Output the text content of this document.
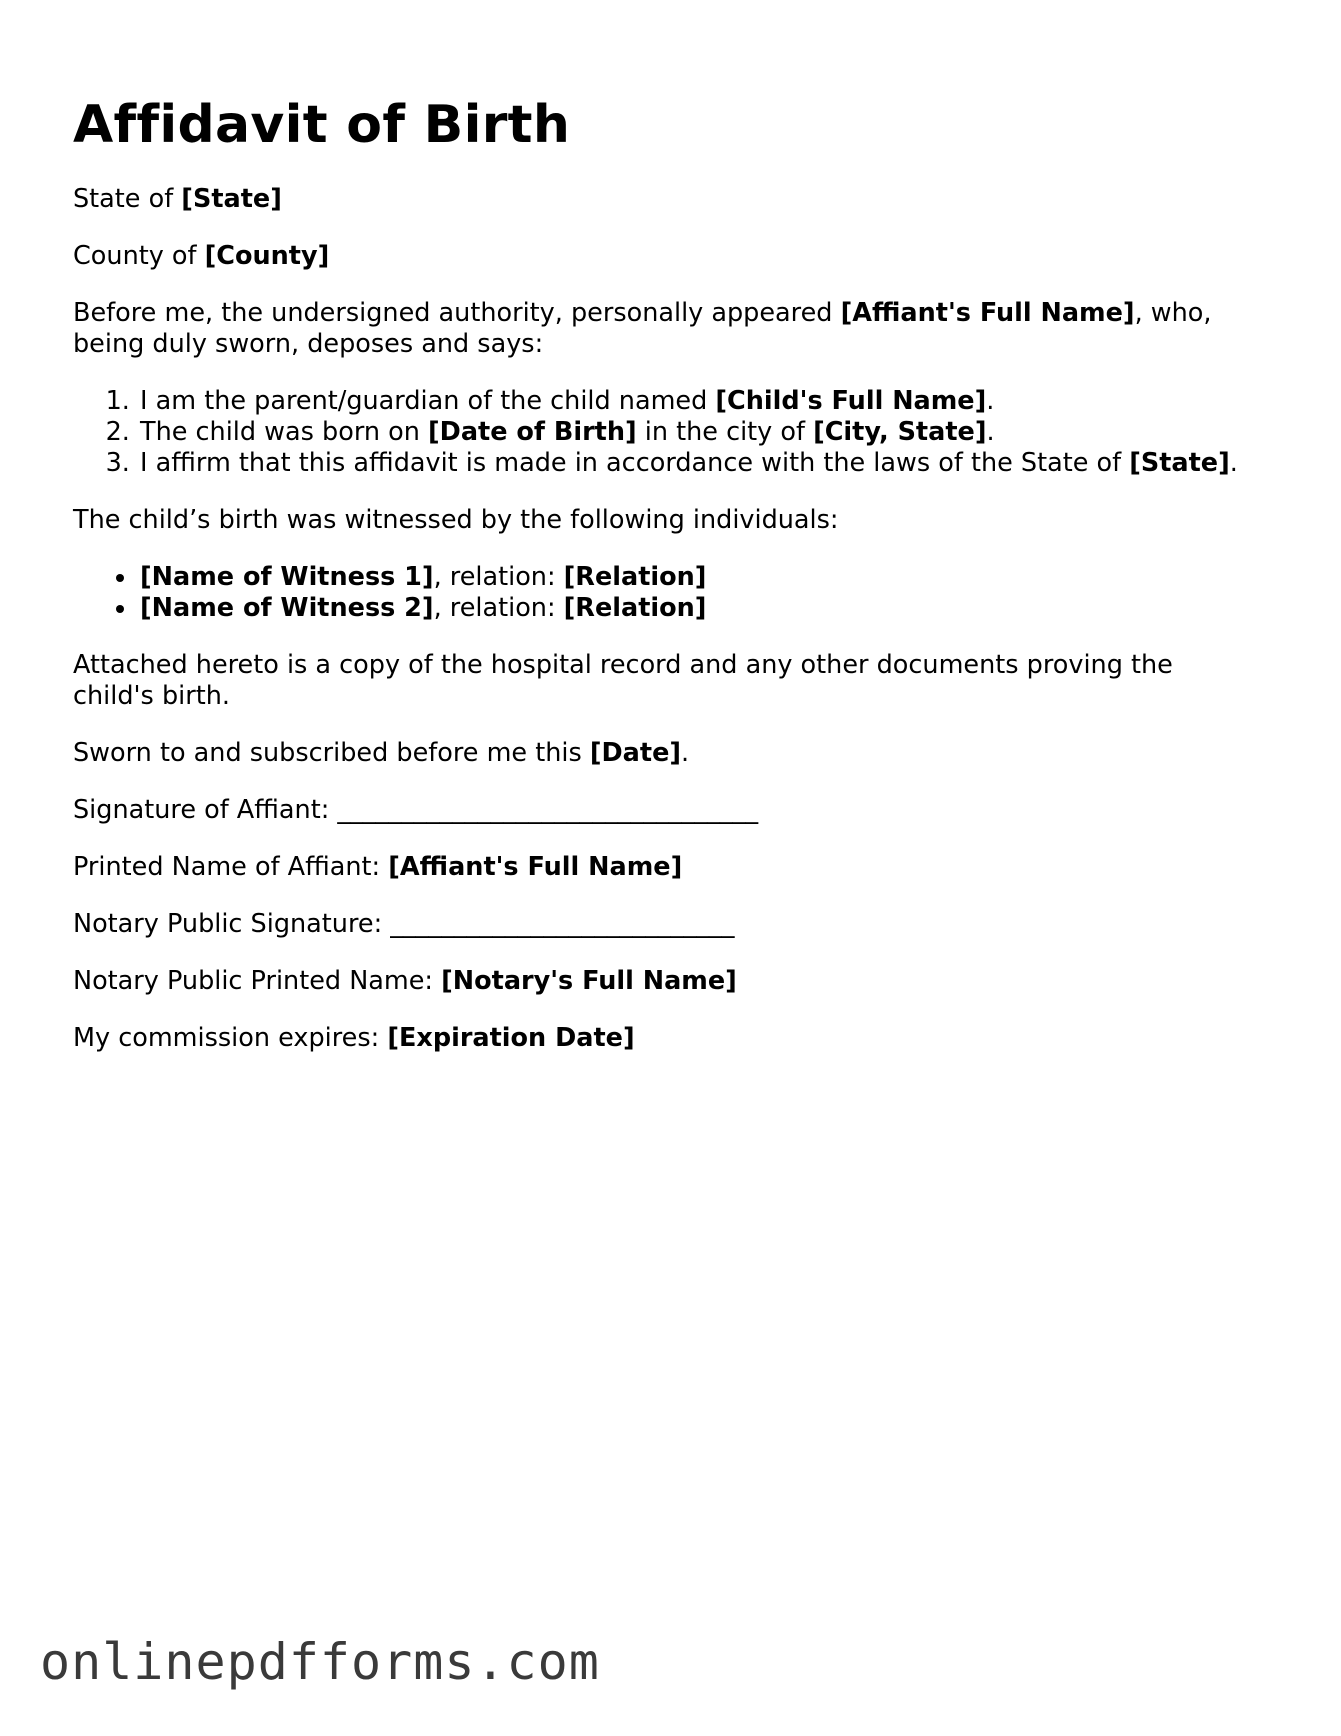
Affidavit of Birth

State of [State]

County of [County]

Before me, the undersigned authority, personally appeared [Affiant's Full Name], who, being duly sworn, deposes and says:

1. I am the parent/guardian of the child named [Child's Full Name].
2. The child was born on [Date of Birth] in the city of [City, State].
3. I affirm that this affidavit is made in accordance with the laws of the State of [State].

The child’s birth was witnessed by the following individuals:

• [Name of Witness 1], relation: [Relation]
• [Name of Witness 2], relation: [Relation]

Attached hereto is a copy of the hospital record and any other documents proving the child's birth.

Sworn to and subscribed before me this [Date].

Signature of Affiant: _________________________________

Printed Name of Affiant: [Affiant's Full Name]

Notary Public Signature: ___________________________

Notary Public Printed Name: [Notary's Full Name]

My commission expires: [Expiration Date]

onlinepdfforms.com
